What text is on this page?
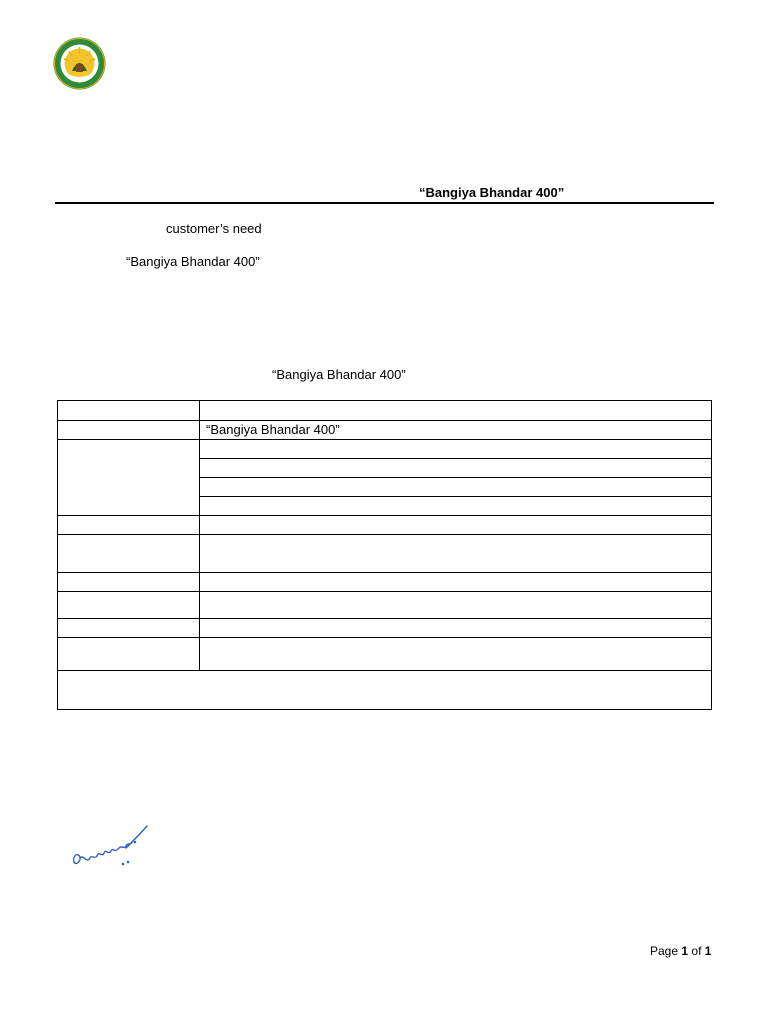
“Bangiya Bhandar 400”
customer’s need
“Bangiya Bhandar 400”
“Bangiya Bhandar 400”

	“Bangiya Bhandar 400”

Page 1 of 1
